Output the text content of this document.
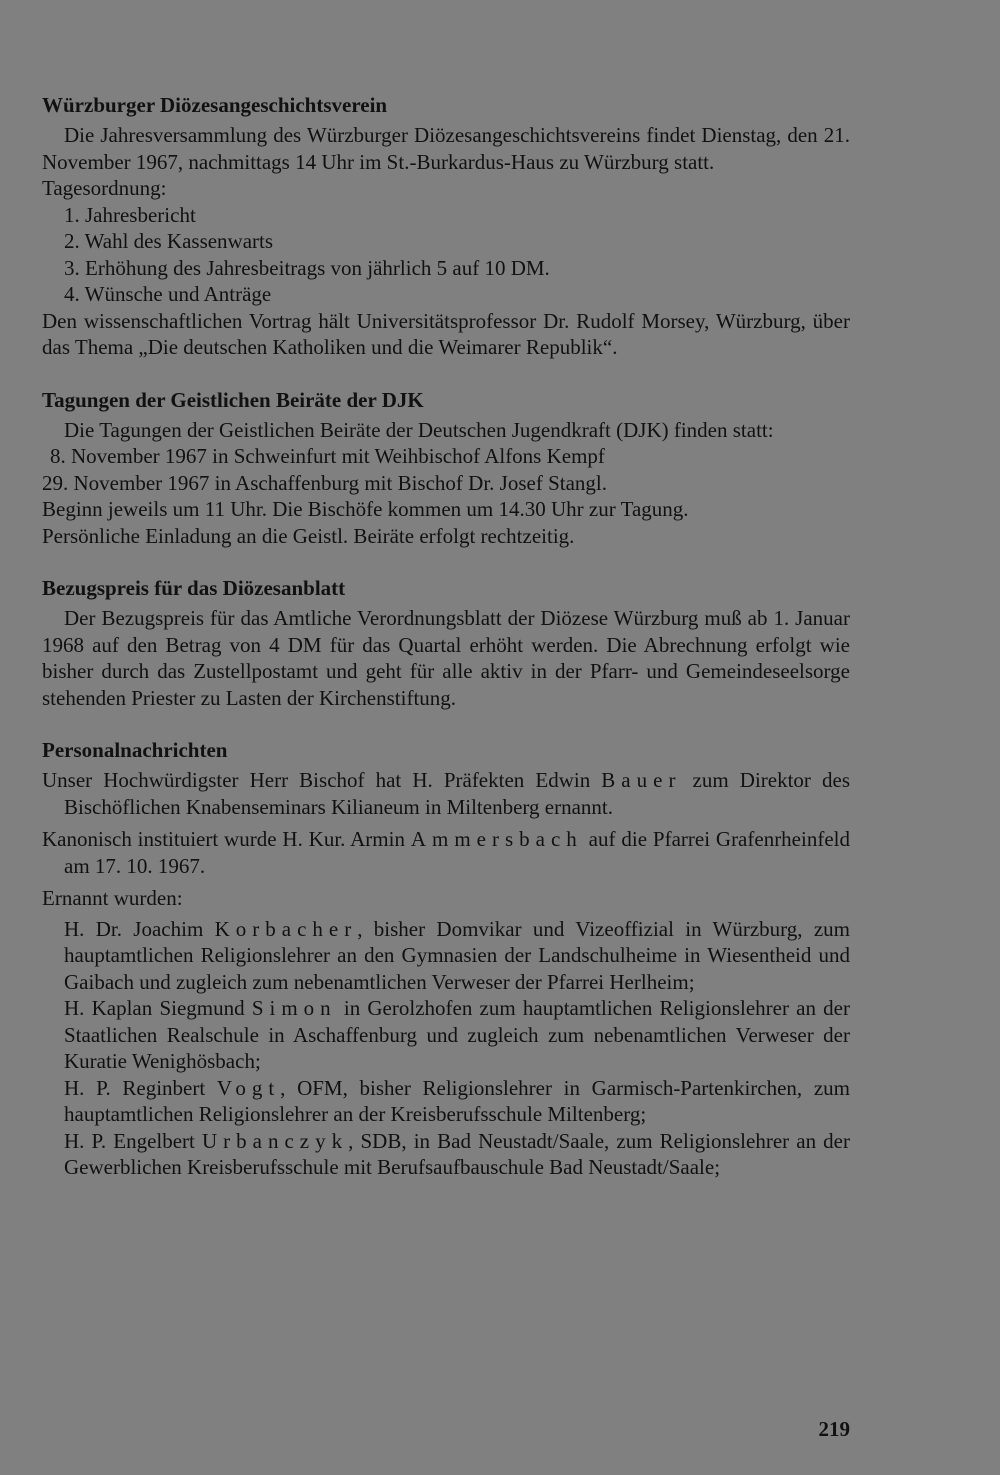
Würzburger Diözesangeschichtsverein

Die Jahresversammlung des Würzburger Diözesangeschichtsvereins findet Dienstag, den 21. November 1967, nachmittags 14 Uhr im St.-Burkardus-Haus zu Würzburg statt.

Tagesordnung:

1. Jahresbericht
2. Wahl des Kassenwarts
3. Erhöhung des Jahresbeitrags von jährlich 5 auf 10 DM.
4. Wünsche und Anträge

Den wissenschaftlichen Vortrag hält Universitätsprofessor Dr. Rudolf Morsey, Würzburg, über das Thema „Die deutschen Katholiken und die Weimarer Republik“.

Tagungen der Geistlichen Beiräte der DJK

Die Tagungen der Geistlichen Beiräte der Deutschen Jugendkraft (DJK) finden statt:

8. November 1967 in Schweinfurt mit Weihbischof Alfons Kempf
29. November 1967 in Aschaffenburg mit Bischof Dr. Josef Stangl.

Beginn jeweils um 11 Uhr. Die Bischöfe kommen um 14.30 Uhr zur Tagung.

Persönliche Einladung an die Geistl. Beiräte erfolgt rechtzeitig.

Bezugspreis für das Diözesanblatt

Der Bezugspreis für das Amtliche Verordnungsblatt der Diözese Würzburg muß ab 1. Januar 1968 auf den Betrag von 4 DM für das Quartal erhöht werden. Die Abrechnung erfolgt wie bisher durch das Zustellpostamt und geht für alle aktiv in der Pfarr- und Gemeindeseelsorge stehenden Priester zu Lasten der Kirchenstiftung.

Personalnachrichten

Unser Hochwürdigster Herr Bischof hat H. Präfekten Edwin Bauer zum Direktor des Bischöflichen Knabenseminars Kilianeum in Miltenberg ernannt.

Kanonisch instituiert wurde H. Kur. Armin Ammersbach auf die Pfarrei Grafenrheinfeld am 17. 10. 1967.

Ernannt wurden:

H. Dr. Joachim Korbacher, bisher Domvikar und Vizeoffizial in Würzburg, zum hauptamtlichen Religionslehrer an den Gymnasien der Landschulheime in Wiesentheid und Gaibach und zugleich zum nebenamtlichen Verweser der Pfarrei Herlheim;

H. Kaplan Siegmund Simon in Gerolzhofen zum hauptamtlichen Religionslehrer an der Staatlichen Realschule in Aschaffenburg und zugleich zum nebenamtlichen Verweser der Kuratie Wenighösbach;

H. P. Reginbert Vogt, OFM, bisher Religionslehrer in Garmisch-Partenkirchen, zum hauptamtlichen Religionslehrer an der Kreisberufsschule Miltenberg;

H. P. Engelbert Urbanczyk, SDB, in Bad Neustadt/Saale, zum Religionslehrer an der Gewerblichen Kreisberufsschule mit Berufsaufbauschule Bad Neustadt/Saale;

219
